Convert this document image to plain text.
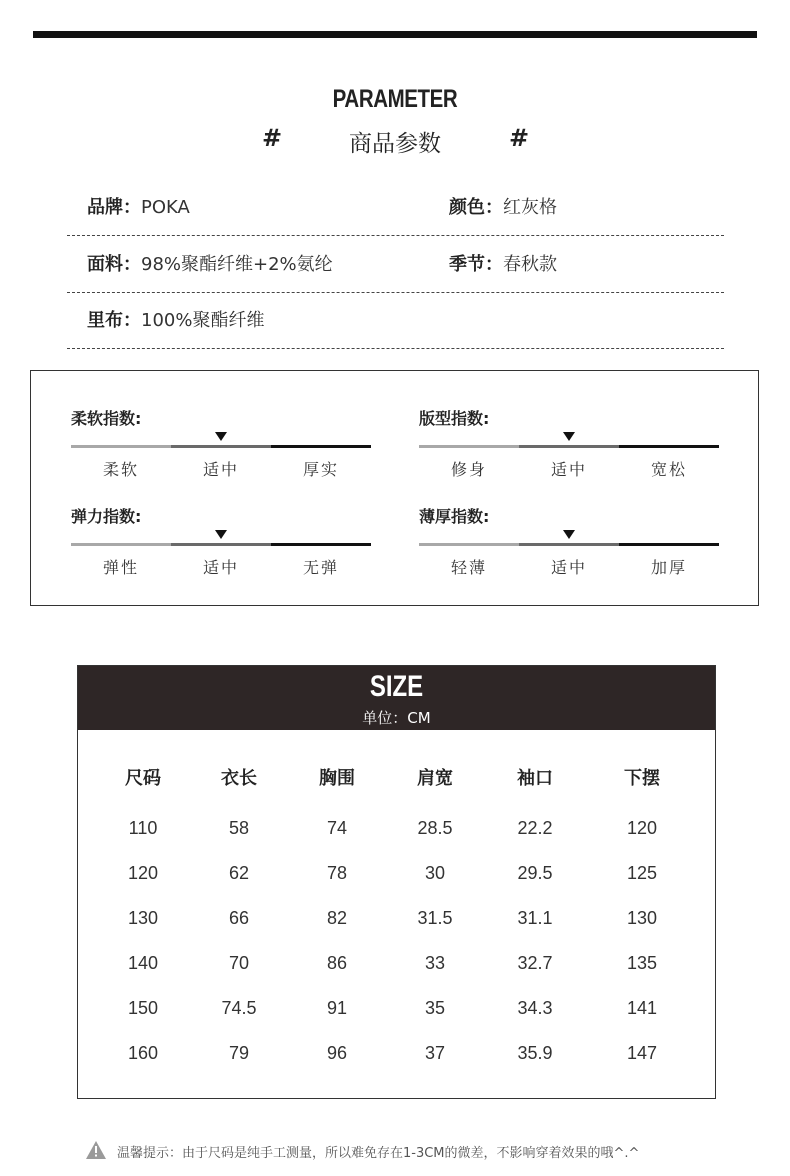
PARAMETER
#	商品参数	#
品牌：POKA	颜色：红灰格
面料：98%聚酯纤维+2%氨纶	季节：春秋款
里布：100%聚酯纤维
柔软指数:
柔软	适中	厚实
版型指数:
修身	适中	宽松
弹力指数:
弹性	适中	无弹
薄厚指数:
轻薄	适中	加厚
SIZE
单位：CM
尺码	衣长	胸围	肩宽	袖口	下摆
110	58	74	28.5	22.2	120
120	62	78	30	29.5	125
130	66	82	31.5	31.1	130
140	70	86	33	32.7	135
150	74.5	91	35	34.3	141
160	79	96	37	35.9	147
温馨提示：由于尺码是纯手工测量，所以难免存在1-3CM的微差，不影响穿着效果的哦^.^
